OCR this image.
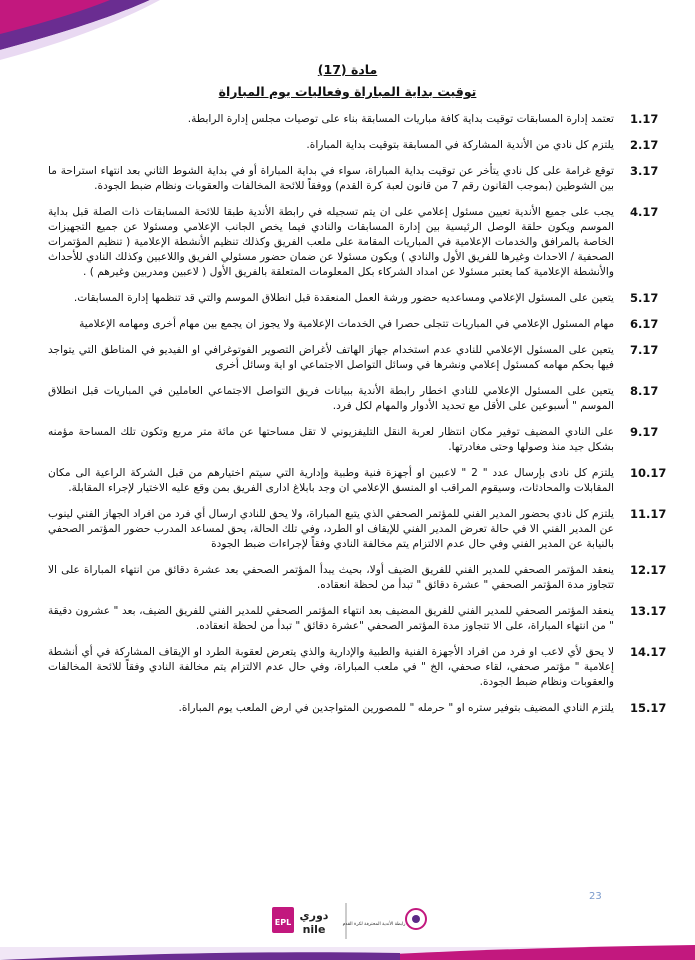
مادة (17)
توقيت بداية المباراة وفعاليات يوم المباراة
1.17
تعتمد إدارة المسابقات توقيت بداية كافة مباريات المسابقة بناء على توصيات مجلس إدارة الرابطة.
2.17
يلتزم كل نادي من الأندية المشاركة في المسابقة بتوقيت بداية المباراة.
3.17
توقع غرامة على كل نادي يتأخر عن توقيت بداية المباراة، سواء في بداية المباراة أو في بداية الشوط الثاني بعد انتهاء استراحة ما بين الشوطين (بموجب القانون رقم 7 من قانون لعبة كرة القدم) ووفقاً للائحة المخالفات والعقوبات ونظام ضبط الجودة.
4.17
يجب على جميع الأندية تعيين مسئول إعلامي على ان يتم تسجيله في رابطة الأندية طبقا للائحة المسابقات ذات الصلة قبل بداية الموسم ويكون حلقة الوصل الرئيسية بين إدارة المسابقات والنادي فيما يخص الجانب الإعلامي ومسئولا عن جميع التجهيزات الخاصة بالمرافق والخدمات الإعلامية في المباريات المقامة على ملعب الفريق وكذلك تنظيم الأنشطة الإعلامية ( تنظيم المؤتمرات الصحفية / الاحداث وغيرها للفريق الأول والنادي ) ويكون مسئولا عن ضمان حضور مسئولي الفريق واللاعبين وكذلك النادي للأحداث والأنشطة الإعلامية كما يعتبر مسئولا عن امداد الشركاء بكل المعلومات المتعلقة بالفريق الأول ( لاعبين ومدربين وغيرهم ) .
5.17
يتعين على المسئول الإعلامي ومساعديه حضور ورشة العمل المنعقدة قبل انطلاق الموسم والتي قد تنظمها إدارة المسابقات.
6.17
مهام المسئول الإعلامي في المباريات تتجلى حصرا في الخدمات الإعلامية ولا يجوز ان يجمع بين مهام أخرى ومهامه الإعلامية
7.17
يتعين على المسئول الإعلامي للنادي عدم استخدام جهاز الهاتف لأغراض التصوير الفوتوغرافي او الفيديو في المناطق التي يتواجد فيها بحكم مهامه كمسئول إعلامي ونشرها في وسائل التواصل الاجتماعي او اية وسائل أخرى
8.17
يتعين على المسئول الإعلامي للنادي اخطار رابطة الأندية ببيانات فريق التواصل الاجتماعي العاملين في المباريات قبل انطلاق الموسم " أسبوعين على الأقل مع تحديد الأدوار والمهام لكل فرد.
9.17
على النادي المضيف توفير مكان انتظار لعربة النقل التليفزيوني لا تقل مساحتها عن مائة متر مربع وتكون تلك المساحة مؤمنه بشكل جيد منذ وصولها وحتى مغادرتها.
10.17
يلتزم كل نادى بإرسال عدد " 2 " لاعبين او أجهزة فنية وطبية وإدارية التي سيتم اختيارهم من قبل الشركة الراعية الى مكان المقابلات والمحادثات، وسيقوم المراقب او المنسق الإعلامي ان وجد بابلاغ ادارى الفريق بمن وقع عليه الاختيار لإجراء المقابلة.
11.17
يلتزم كل نادي بحضور المدير الفني للمؤتمر الصحفي الذي يتبع المباراة، ولا يحق للنادي ارسال أي فرد من افراد الجهاز الفني لينوب عن المدير الفني الا في حالة تعرض المدير الفني للإيقاف او الطرد، وفي تلك الحالة، يحق لمساعد المدرب حضور المؤتمر الصحفي بالنيابة عن المدير الفني وفي حال عدم الالتزام يتم مخالفة النادي وفقاً لإجراءات ضبط الجودة
12.17
ينعقد المؤتمر الصحفي للمدير الفني للفريق الضيف أولا، بحيث يبدأ المؤتمر الصحفي بعد عشرة دقائق من انتهاء المباراة على الا تتجاوز مدة المؤتمر الصحفي " عشرة دقائق " تبدأ من لحظة انعقاده.
13.17
ينعقد المؤتمر الصحفي للمدير الفني للفريق المضيف بعد انتهاء المؤتمر الصحفي للمدير الفني للفريق الضيف، بعد " عشرون دقيقة " من انتهاء المباراة، على الا تتجاوز مدة المؤتمر الصحفي "عشرة دقائق " تبدأ من لحظة انعقاده.
14.17
لا يحق لأي لاعب او فرد من افراد الأجهزة الفنية والطبية والإدارية والذي يتعرض لعقوبة الطرد او الإيقاف المشاركة في أي أنشطة إعلامية " مؤتمر صحفي، لقاء صحفي، الخ " في ملعب المباراة، وفي حال عدم الالتزام يتم مخالفة النادي وفقاً للائحة المخالفات والعقوبات ونظام ضبط الجودة.
15.17
يلتزم النادي المضيف بتوفير ستره او " حرمله " للمصورين المتواجدين في ارض الملعب يوم المباراة.
23
EPL
دوري
nile	رابطة الأندية المحترفة لكرة القدم
